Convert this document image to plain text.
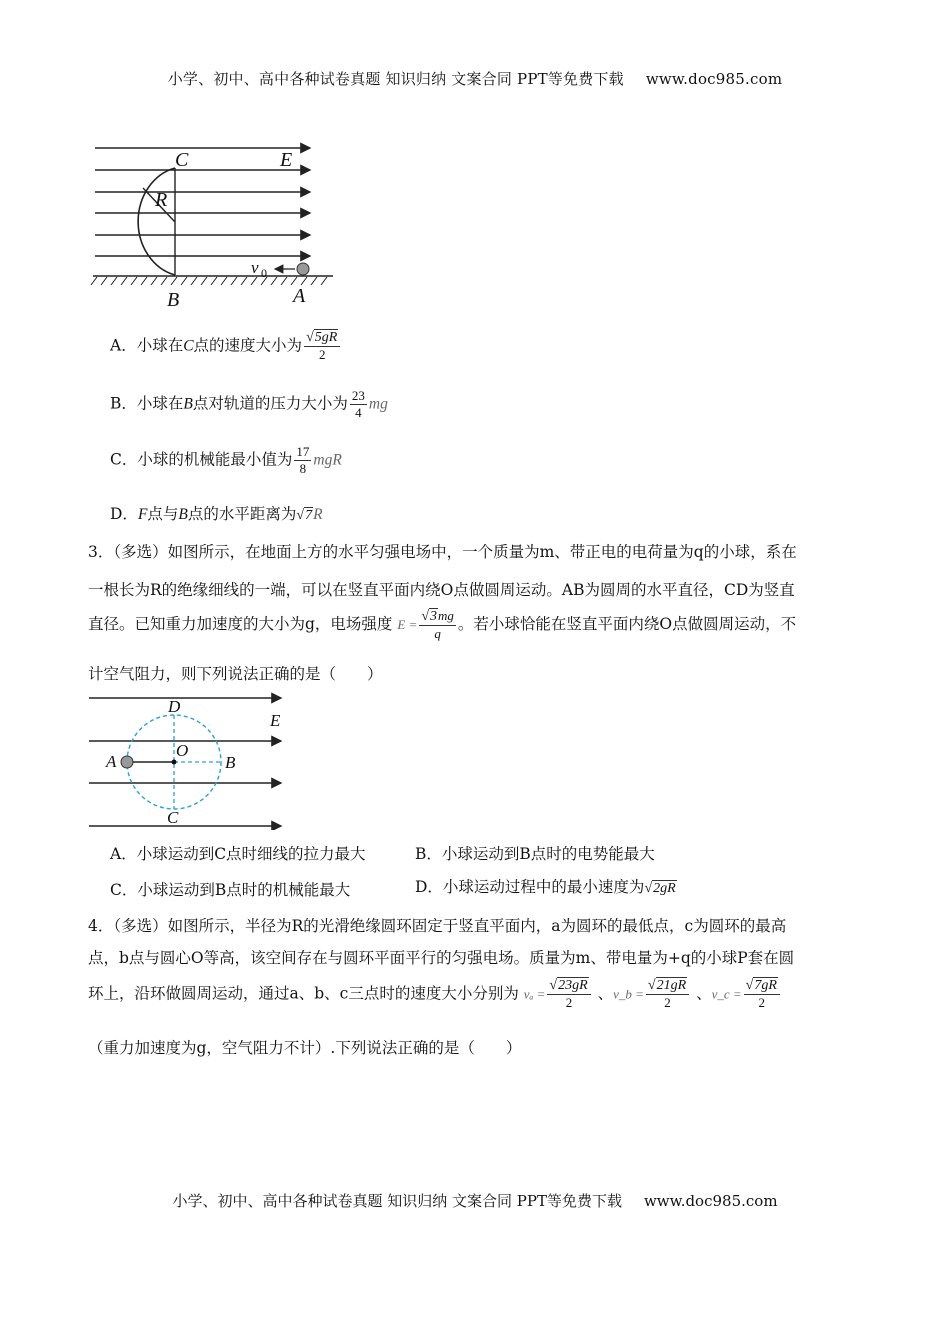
小学、初中、高中各种试卷真题 知识归纳 文案合同 PPT等免费下载 www.doc985.com
C	E
R
v 0
B	A
A．小球在C点的速度大小为 $\frac{√5gR}{2}$
B．小球在B点对轨道的压力大小为 $\frac{23}{4}$ mg
C．小球的机械能最小值为 $\frac{17}{8}$ mgR
D．F点与B点的水平距离为√7R
3．（多选）如图所示，在地面上方的水平匀强电场中，一个质量为m、带正电的电荷量为q的小球，系在
一根长为R的绝缘细线的一端，可以在竖直平面内绕O点做圆周运动。AB为圆周的水平直径，CD为竖直
直径。已知重力加速度的大小为g，电场强度 $E = \frac{√3mg}{q}$ 。若小球恰能在竖直平面内绕O点做圆周运动，不
计空气阻力，则下列说法正确的是（　　）
D
E
O
A	B
C
A．小球运动到C点时细线的拉力最大	B．小球运动到B点时的电势能最大
C．小球运动到B点时的机械能最大	D．小球运动过程中的最小速度为√2gR
4．（多选）如图所示，半径为R的光滑绝缘圆环固定于竖直平面内，a为圆环的最低点，c为圆环的最高
点，b点与圆心O等高，该空间存在与圆环平面平行的匀强电场。质量为m、带电量为+q的小球P套在圆
环上，沿环做圆周运动，通过a、b、c三点时的速度大小分别为 $v_a = \frac{√23gR}{2}$ 、v_b = $\frac{√21gR}{2}$ 、v_c = $\frac{√7gR}{2}$
（重力加速度为g，空气阻力不计）.下列说法正确的是（　　）
小学、初中、高中各种试卷真题 知识归纳 文案合同 PPT等免费下载 www.doc985.com
